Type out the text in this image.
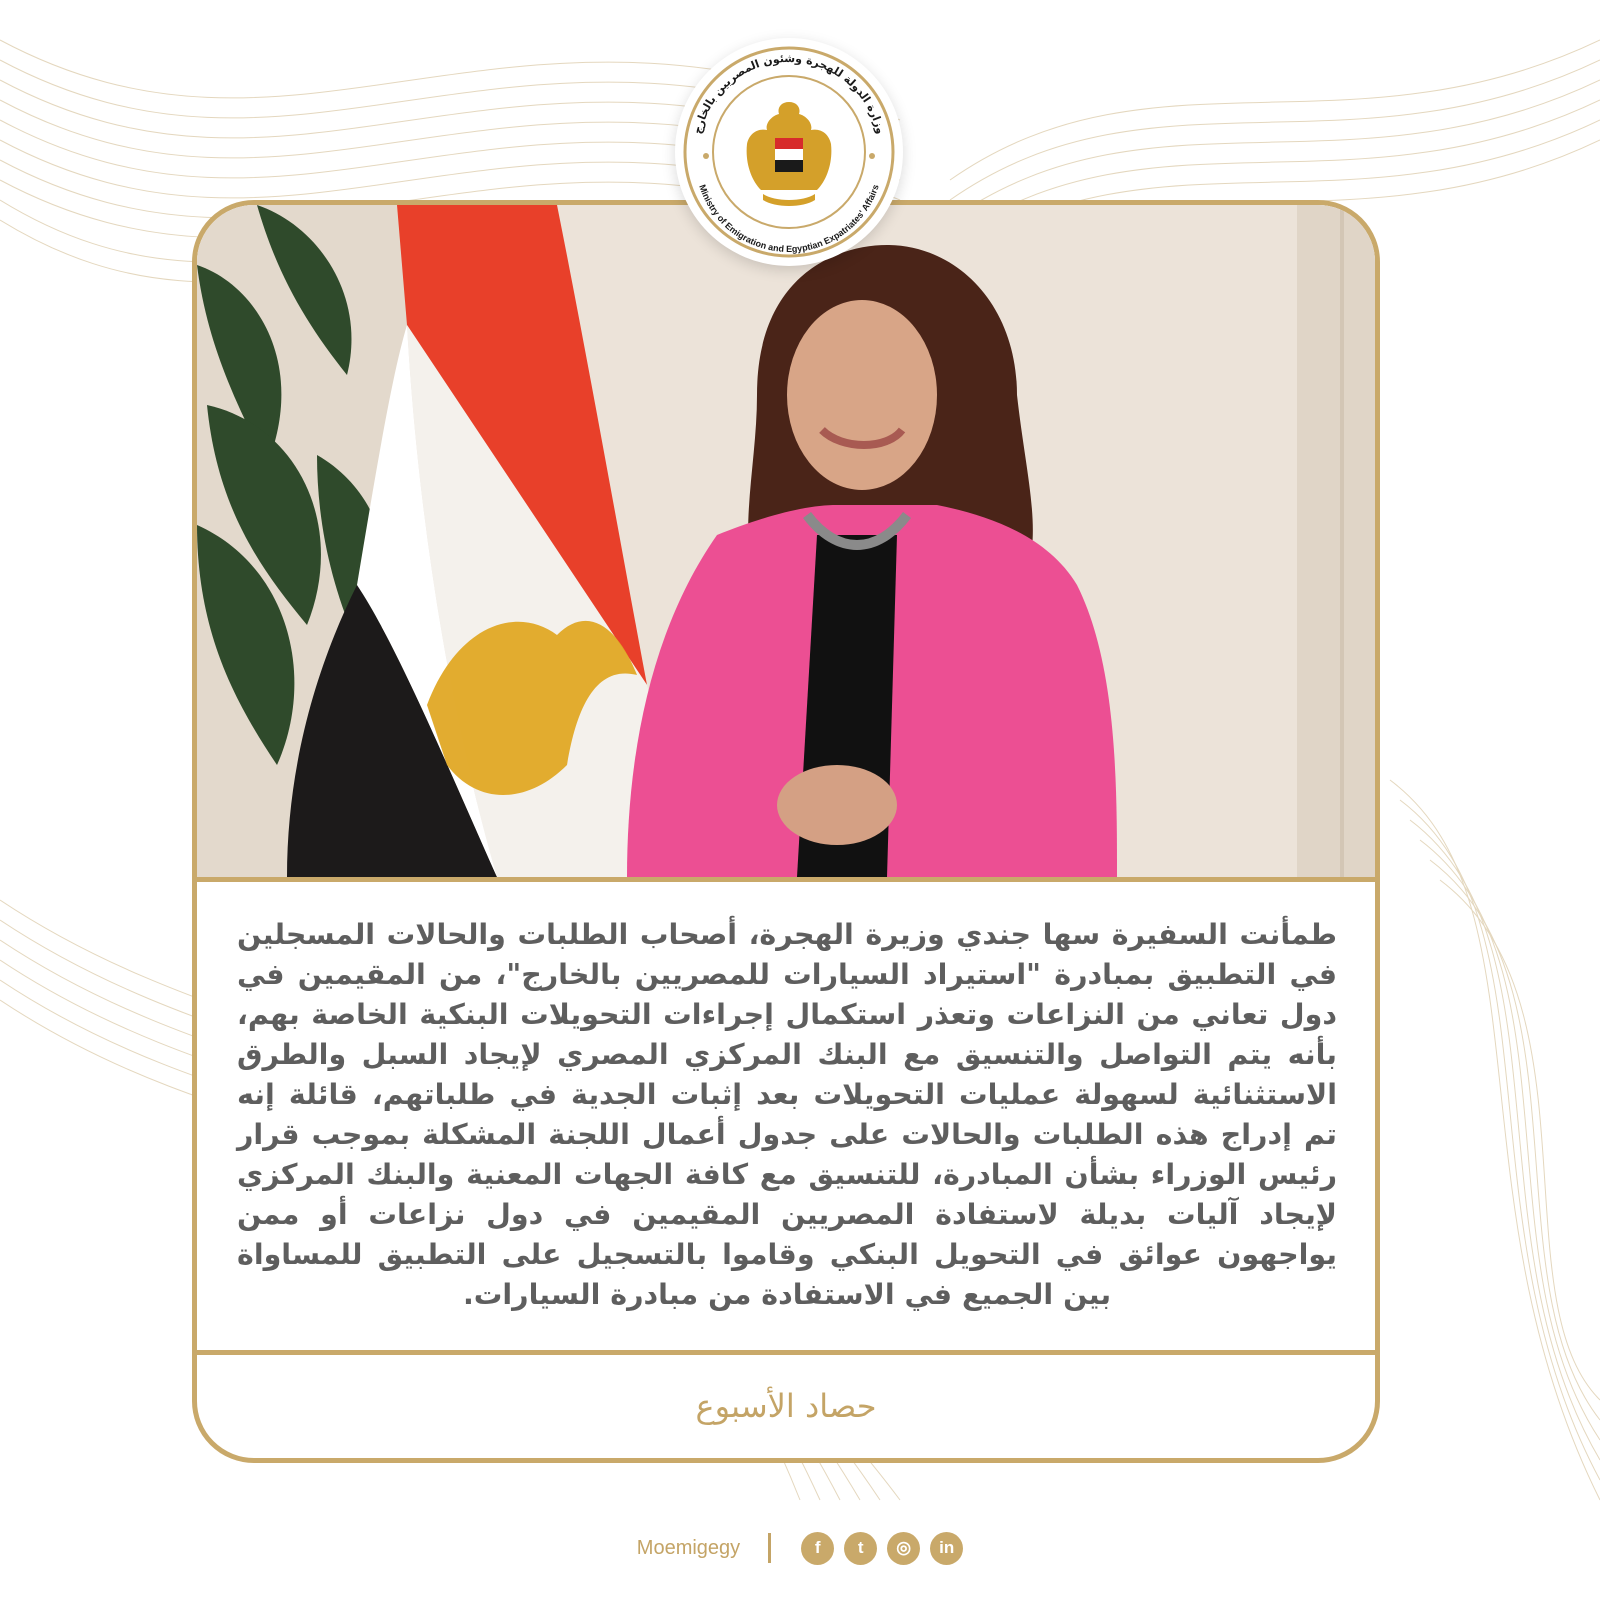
طمأنت السفيرة سها جندي وزيرة الهجرة، أصحاب الطلبات والحالات المسجلين في التطبيق بمبادرة "استيراد السيارات للمصريين بالخارج"، من المقيمين في دول تعاني من النزاعات وتعذر استكمال إجراءات التحويلات البنكية الخاصة بهم، بأنه يتم التواصل والتنسيق مع البنك المركزي المصري لإيجاد السبل والطرق الاستثنائية لسهولة عمليات التحويلات بعد إثبات الجدية في طلباتهم، قائلة إنه تم إدراج هذه الطلبات والحالات على جدول أعمال اللجنة المشكلة بموجب قرار رئيس الوزراء بشأن المبادرة، للتنسيق مع كافة الجهات المعنية والبنك المركزي لإيجاد آليات بديلة لاستفادة المصريين المقيمين في دول نزاعات أو ممن يواجهون عوائق في التحويل البنكي وقاموا بالتسجيل على التطبيق للمساواة بين الجميع في الاستفادة من مبادرة السيارات.
حصاد الأسبوع
وزارة الدولة للهجرة وشئون المصريين بالخارج
Ministry of Emigration and Egyptian Expatriates' Affairs
Moemigegy	f	t	◎	in
